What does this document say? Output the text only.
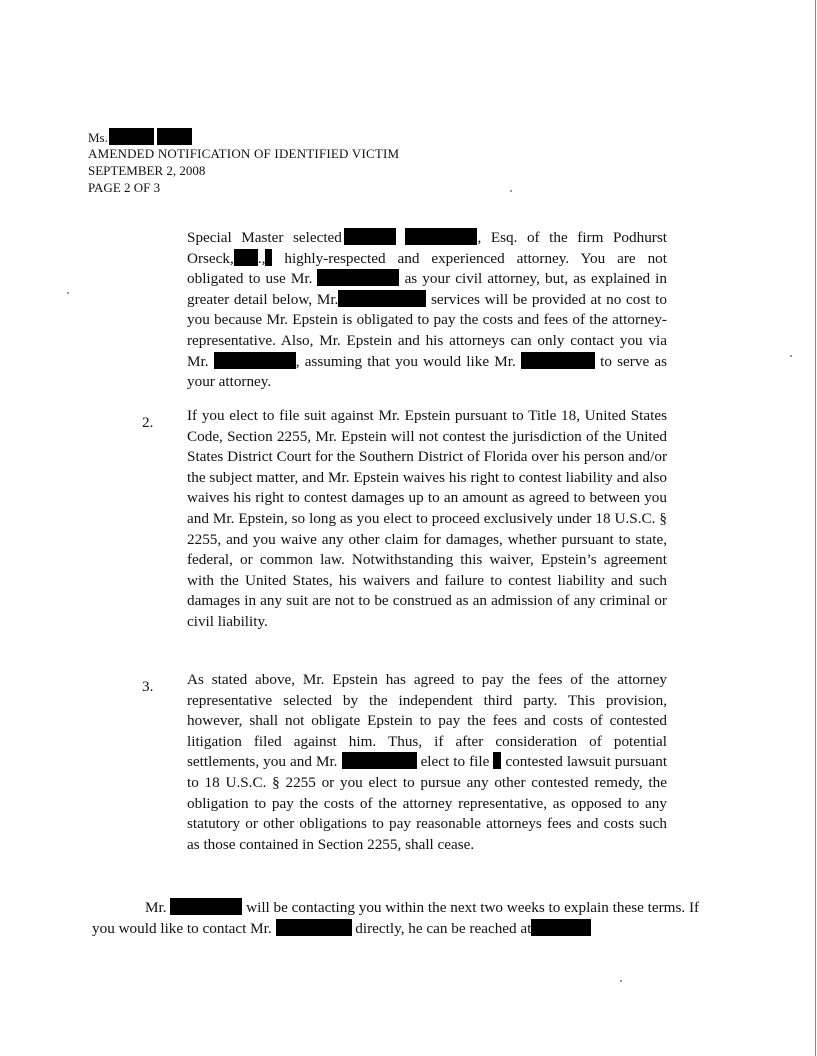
Ms.
AMENDED NOTIFICATION OF IDENTIFIED VICTIM
SEPTEMBER 2, 2008
PAGE 2 OF 3
Special Master selected	, Esq. of the firm Podhurst Orseck, ., highly-respected and experienced attorney. You are not obligated to use Mr.	as your civil attorney, but, as explained in greater detail below, Mr.	services will be provided at no cost to you because Mr. Epstein is obligated to pay the costs and fees of the attorney-representative. Also, Mr. Epstein and his attorneys can only contact you via Mr.	, assuming that you would like Mr.	to serve as your attorney.
2. If you elect to file suit against Mr. Epstein pursuant to Title 18, United States Code, Section 2255, Mr. Epstein will not contest the jurisdiction of the United States District Court for the Southern District of Florida over his person and/or the subject matter, and Mr. Epstein waives his right to contest liability and also waives his right to contest damages up to an amount as agreed to between you and Mr. Epstein, so long as you elect to proceed exclusively under 18 U.S.C. § 2255, and you waive any other claim for damages, whether pursuant to state, federal, or common law. Notwithstanding this waiver, Epstein’s agreement with the United States, his waivers and failure to contest liability and such damages in any suit are not to be construed as an admission of any criminal or civil liability.
3. As stated above, Mr. Epstein has agreed to pay the fees of the attorney representative selected by the independent third party. This provision, however, shall not obligate Epstein to pay the fees and costs of contested litigation filed against him. Thus, if after consideration of potential settlements, you and Mr.	elect to file contested lawsuit pursuant to 18 U.S.C. § 2255 or you elect to pursue any other contested remedy, the obligation to pay the costs of the attorney representative, as opposed to any statutory or other obligations to pay reasonable attorneys fees and costs such as those contained in Section 2255, shall cease.
Mr.	will be contacting you within the next two weeks to explain these terms. If you would like to contact Mr.	directly, he can be reached at	.
